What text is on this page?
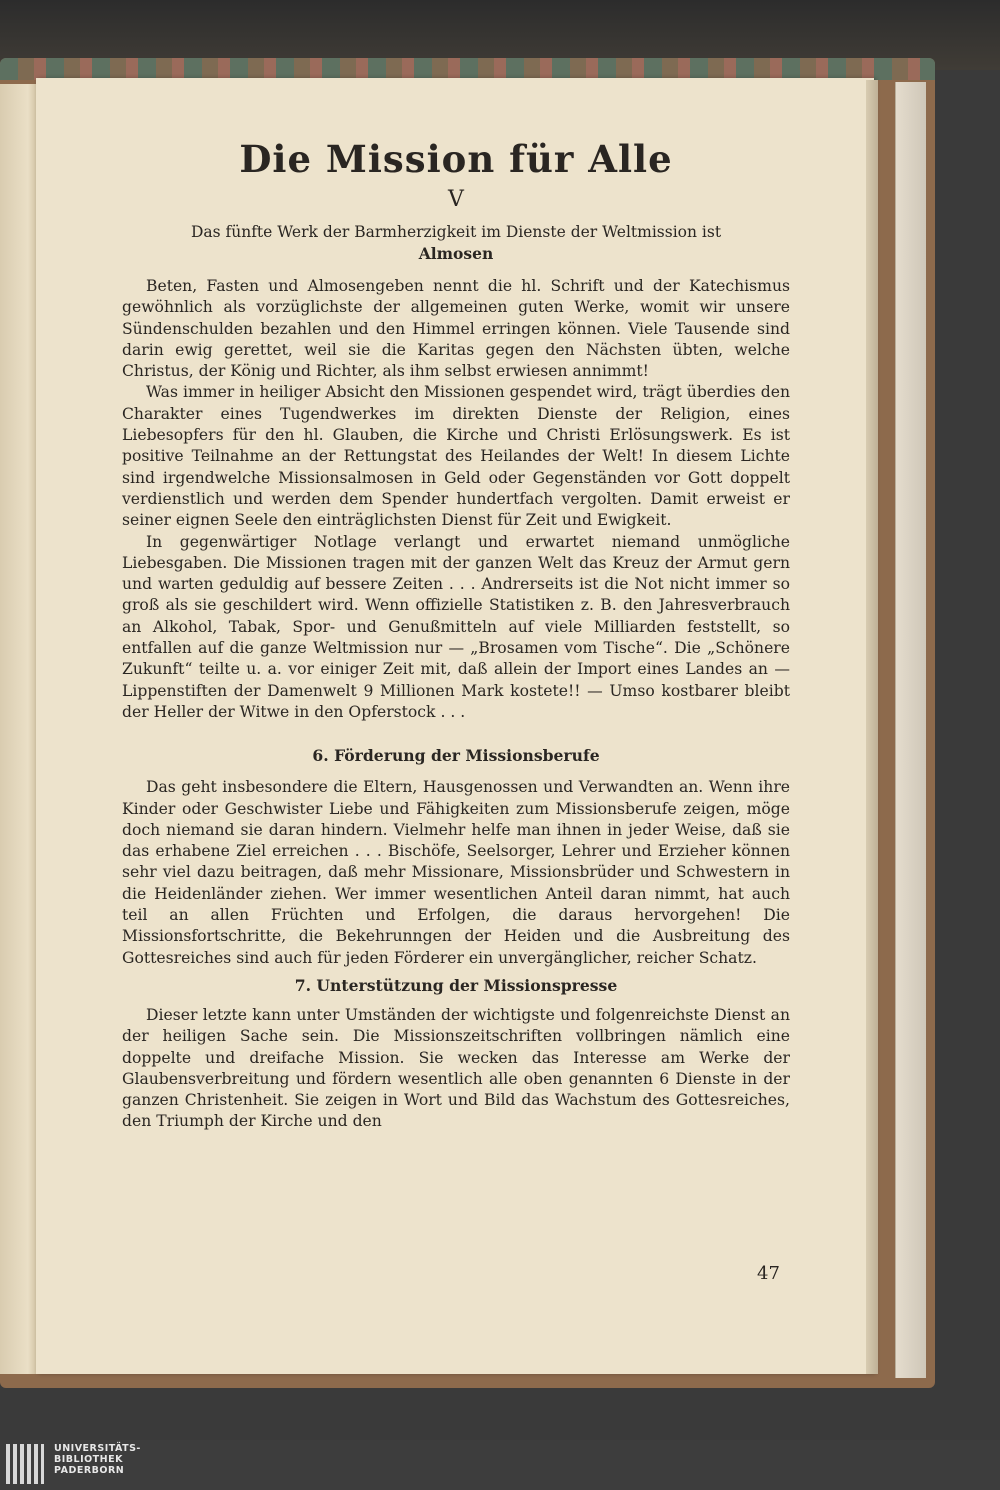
Die Mission für Alle
V
Das fünfte Werk der Barmherzigkeit im Dienste der Weltmission ist
Almosen

Beten, Fasten und Almosengeben nennt die hl. Schrift und der Katechismus gewöhnlich als vorzüglichste der allgemeinen guten Werke, womit wir unsere Sündenschulden bezahlen und den Himmel erringen können. Viele Tausende sind darin ewig gerettet, weil sie die Karitas gegen den Nächsten übten, welche Christus, der König und Richter, als ihm selbst erwiesen annimmt!

Was immer in heiliger Absicht den Missionen gespendet wird, trägt überdies den Charakter eines Tugendwerkes im direkten Dienste der Religion, eines Liebesopfers für den hl. Glauben, die Kirche und Christi Erlösungswerk. Es ist positive Teilnahme an der Rettungstat des Heilandes der Welt! In diesem Lichte sind irgendwelche Missionsalmosen in Geld oder Gegenständen vor Gott doppelt verdienstlich und werden dem Spender hundertfach vergolten. Damit erweist er seiner eignen Seele den einträglichsten Dienst für Zeit und Ewigkeit.

In gegenwärtiger Notlage verlangt und erwartet niemand unmögliche Liebesgaben. Die Missionen tragen mit der ganzen Welt das Kreuz der Armut gern und warten geduldig auf bessere Zeiten . . . Andrerseits ist die Not nicht immer so groß als sie geschildert wird. Wenn offizielle Statistiken z. B. den Jahresverbrauch an Alkohol, Tabak, Spor- und Genußmitteln auf viele Milliarden feststellt, so entfallen auf die ganze Weltmission nur — „Brosamen vom Tische“. Die „Schönere Zukunft“ teilte u. a. vor einiger Zeit mit, daß allein der Import eines Landes an — Lippenstiften der Damenwelt 9 Millionen Mark kostete!! — Umso kostbarer bleibt der Heller der Witwe in den Opferstock . . .

6. Förderung der Missionsberufe

Das geht insbesondere die Eltern, Hausgenossen und Verwandten an. Wenn ihre Kinder oder Geschwister Liebe und Fähigkeiten zum Missionsberufe zeigen, möge doch niemand sie daran hindern. Vielmehr helfe man ihnen in jeder Weise, daß sie das erhabene Ziel erreichen . . . Bischöfe, Seelsorger, Lehrer und Erzieher können sehr viel dazu beitragen, daß mehr Missionare, Missionsbrüder und Schwestern in die Heidenländer ziehen. Wer immer wesentlichen Anteil daran nimmt, hat auch teil an allen Früchten und Erfolgen, die daraus hervorgehen! Die Missionsfortschritte, die Bekehrunngen der Heiden und die Ausbreitung des Gottesreiches sind auch für jeden Förderer ein unvergänglicher, reicher Schatz.

7. Unterstützung der Missionspresse

Dieser letzte kann unter Umständen der wichtigste und folgenreichste Dienst an der heiligen Sache sein. Die Missionszeitschriften vollbringen nämlich eine doppelte und dreifache Mission. Sie wecken das Interesse am Werke der Glaubensverbreitung und fördern wesentlich alle oben genannten 6 Dienste in der ganzen Christenheit. Sie zeigen in Wort und Bild das Wachstum des Gottesreiches, den Triumph der Kirche und den

47
UNIVERSITÄTS-
BIBLIOTHEK
PADERBORN
